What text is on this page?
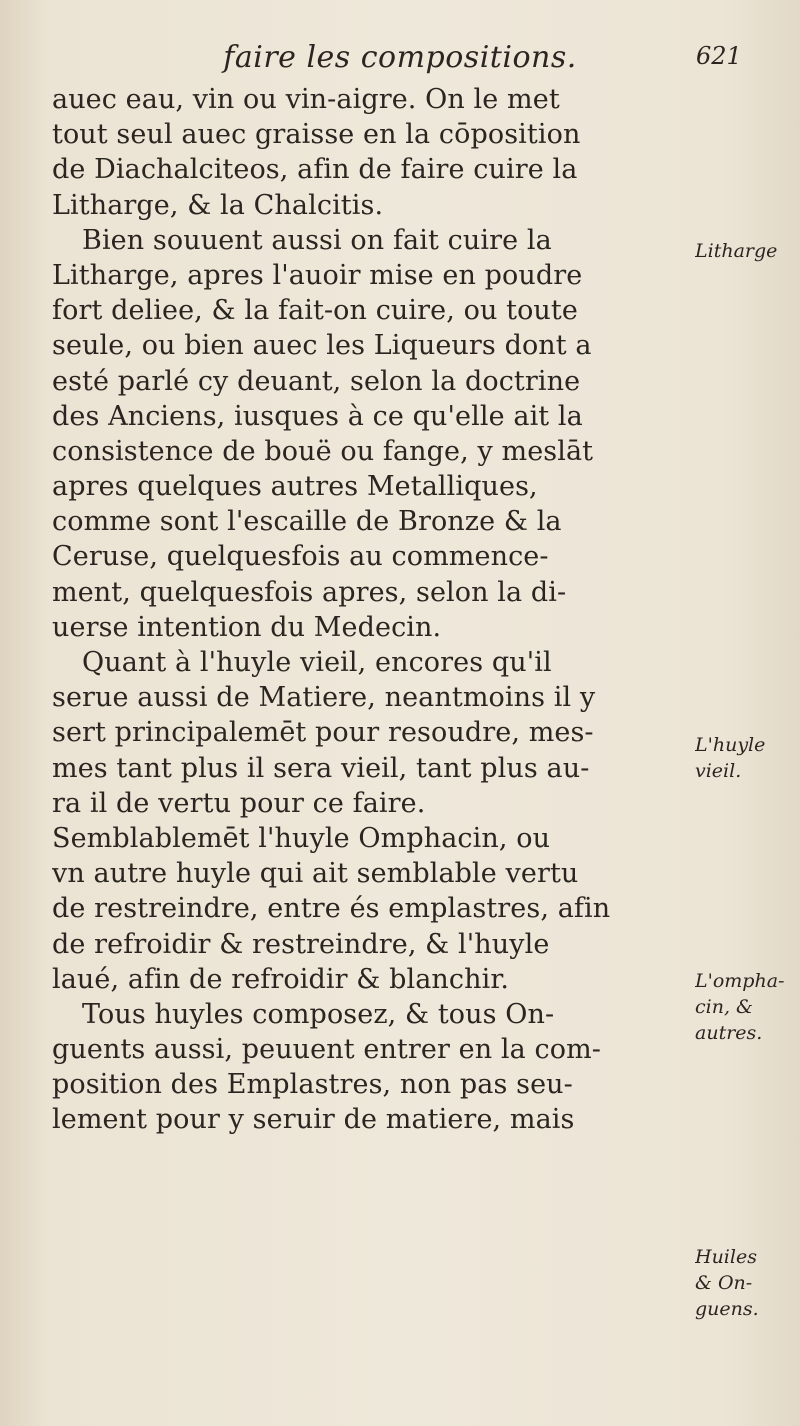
faire les compositions.	621
auec eau, vin ou vin-aigre. On le met
tout seul auec graisse en la cōposition
de Diachalciteos, afin de faire cuire la
Litharge, & la Chalcitis.
Bien souuent aussi on fait cuire la
Litharge, apres l'auoir mise en poudre
fort deliee, & la fait-on cuire, ou toute
seule, ou bien auec les Liqueurs dont a
esté parlé cy deuant, selon la doctrine
des Anciens, iusques à ce qu'elle ait la
consistence de bouë ou fange, y meslāt
apres quelques autres Metalliques,
comme sont l'escaille de Bronze & la
Ceruse, quelquesfois au commence-
ment, quelquesfois apres, selon la di-
uerse intention du Medecin.
Quant à l'huyle vieil, encores qu'il
serue aussi de Matiere, neantmoins il y
sert principalemēt pour resoudre, mes-
mes tant plus il sera vieil, tant plus au-
ra il de vertu pour ce faire.
Semblablemēt l'huyle Omphacin, ou
vn autre huyle qui ait semblable vertu
de restreindre, entre és emplastres, afin
de refroidir & restreindre, & l'huyle
laué, afin de refroidir & blanchir.
Tous huyles composez, & tous On-
guents aussi, peuuent entrer en la com-
position des Emplastres, non pas seu-
lement pour y seruir de matiere, mais
Litharge
L'huyle
vieil.
L'ompha-
cin, &
autres.
Huiles
& On-
guens.
